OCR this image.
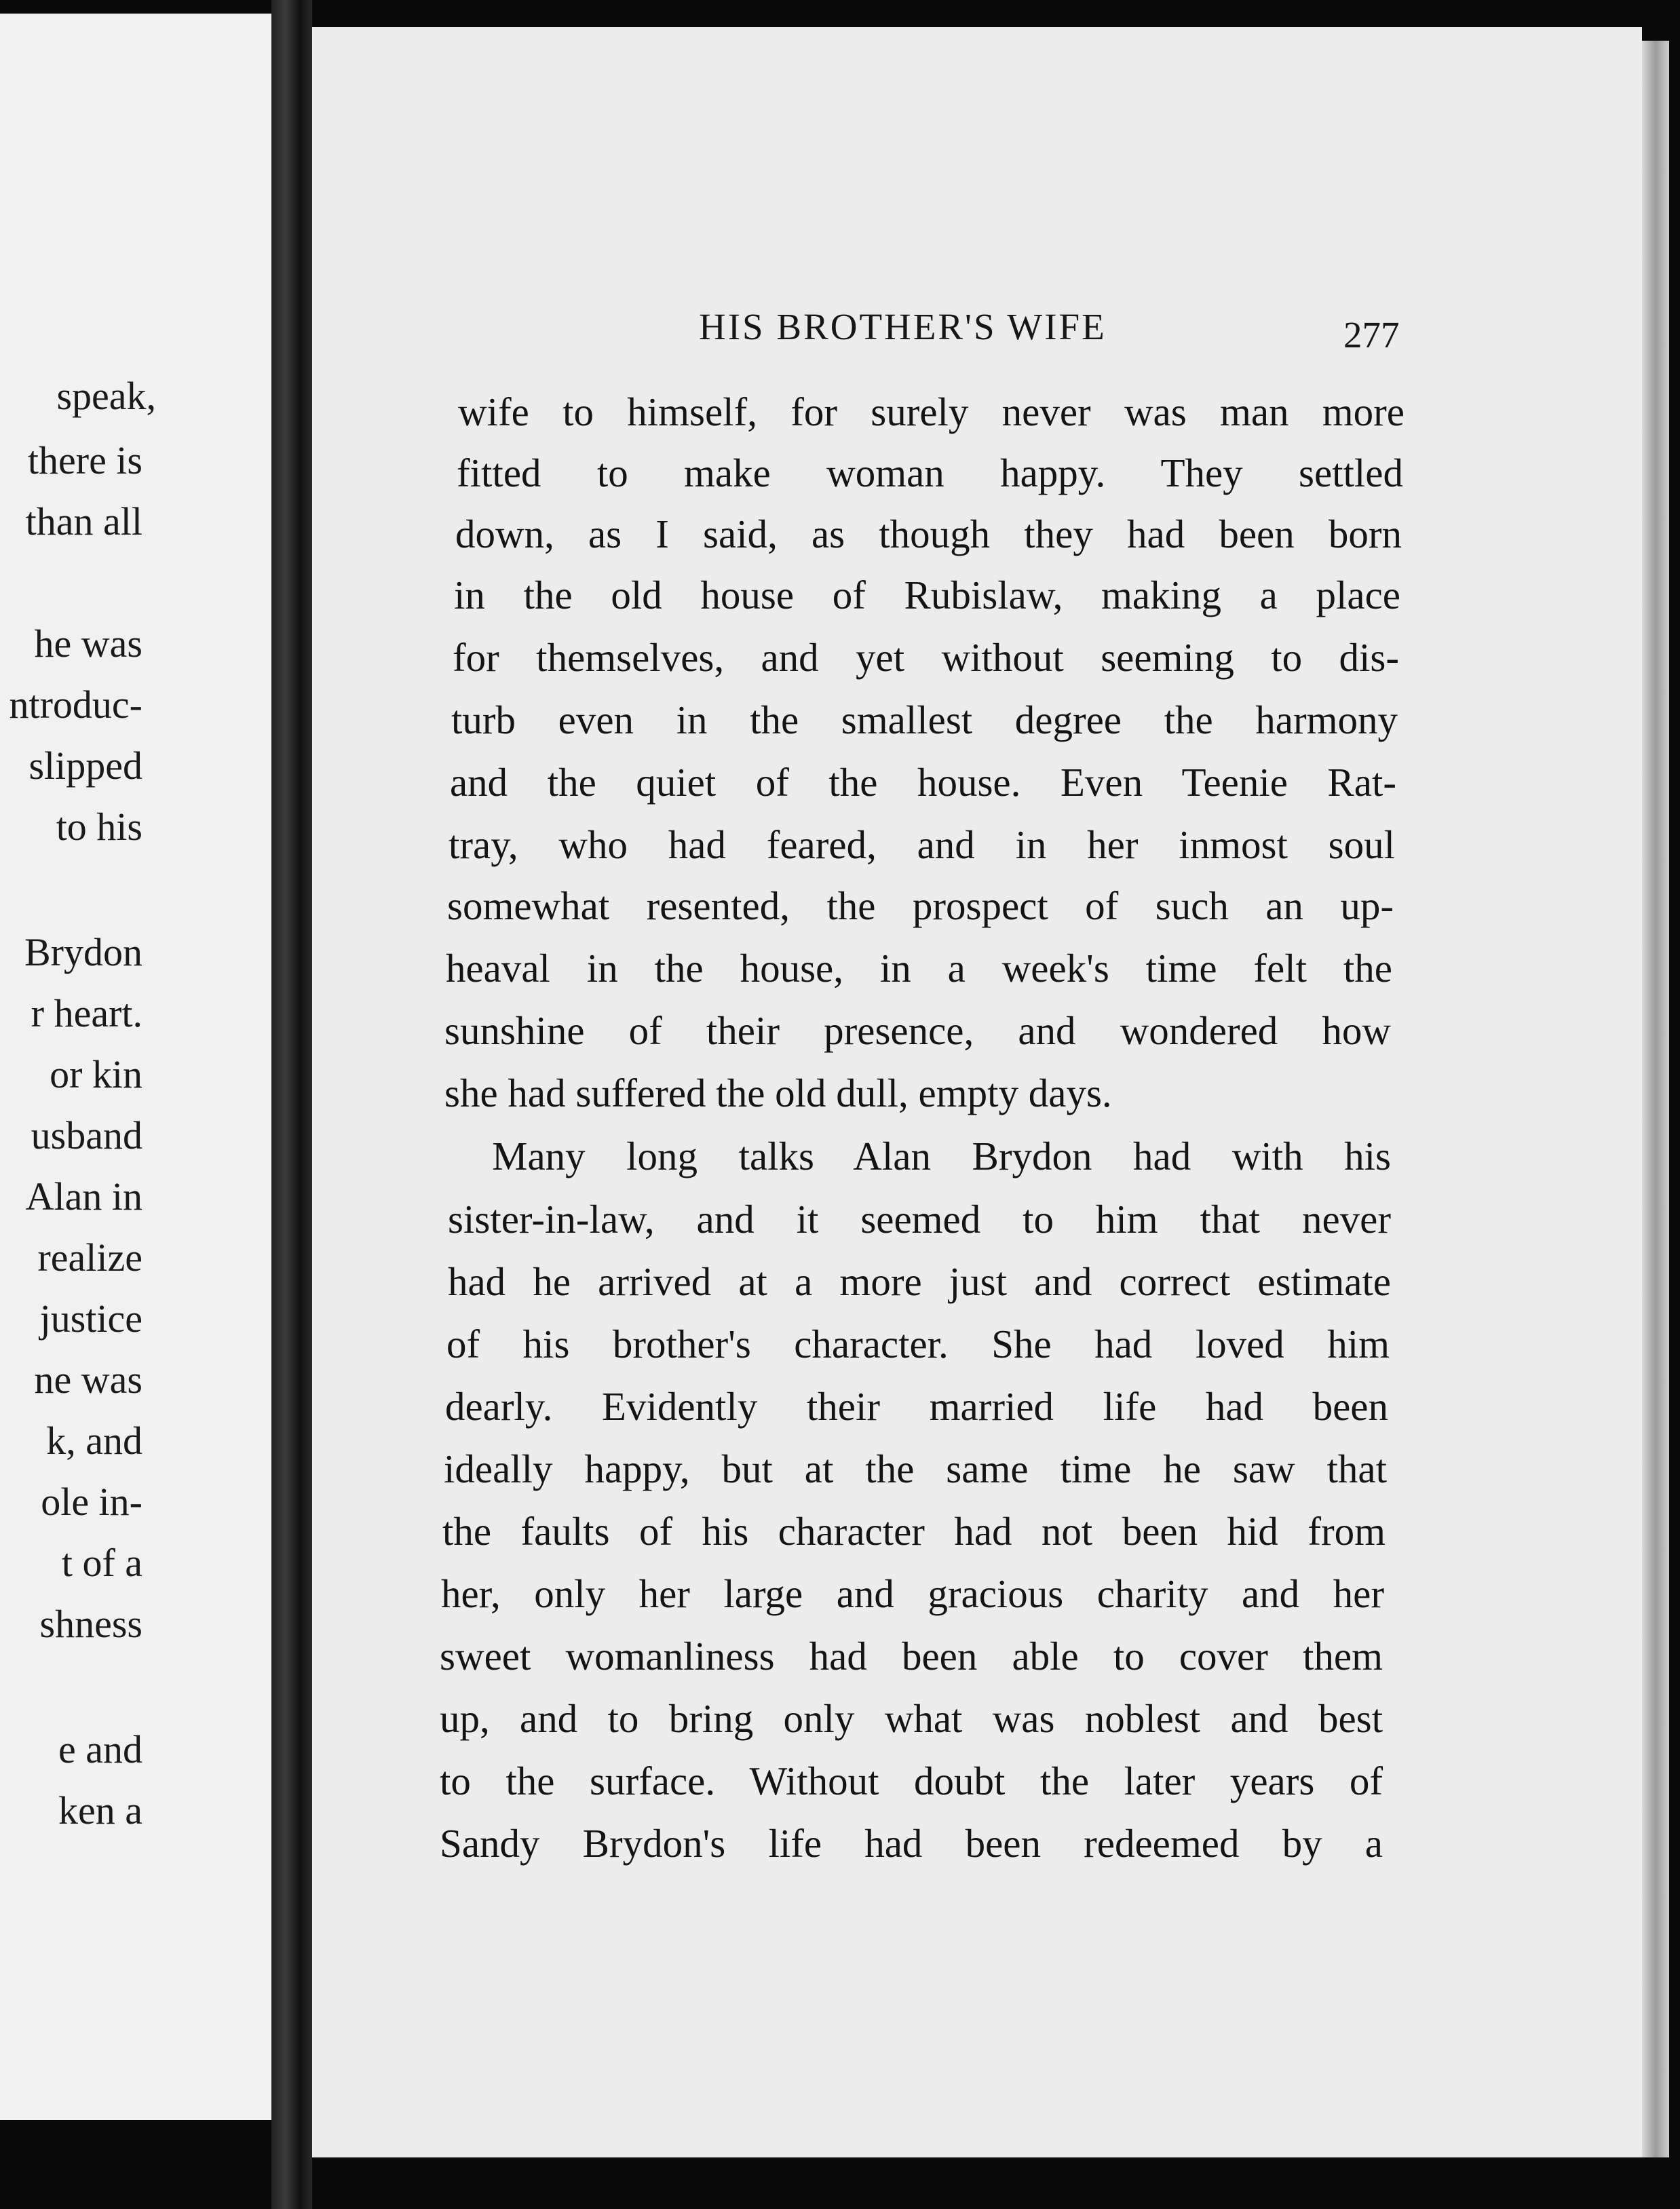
speak,
there is
than all
he was
ntroduc-
slipped
to his
Brydon
r heart.
or kin
usband
Alan in
realize
justice
ne was
k, and
ole in-
t of a
shness
e and
ken a
HIS BROTHER'S WIFE	277
wife to himself, for surely never was man more
fitted to make woman happy. They settled
down, as I said, as though they had been born
in the old house of Rubislaw, making a place
for themselves, and yet without seeming to dis-
turb even in the smallest degree the harmony
and the quiet of the house. Even Teenie Rat-
tray, who had feared, and in her inmost soul
somewhat resented, the prospect of such an up-
heaval in the house, in a week's time felt the
sunshine of their presence, and wondered how
she had suffered the old dull, empty days.
Many long talks Alan Brydon had with his
sister-in-law, and it seemed to him that never
had he arrived at a more just and correct estimate
of his brother's character. She had loved him
dearly. Evidently their married life had been
ideally happy, but at the same time he saw that
the faults of his character had not been hid from
her, only her large and gracious charity and her
sweet womanliness had been able to cover them
up, and to bring only what was noblest and best
to the surface. Without doubt the later years of
Sandy Brydon's life had been redeemed by a
